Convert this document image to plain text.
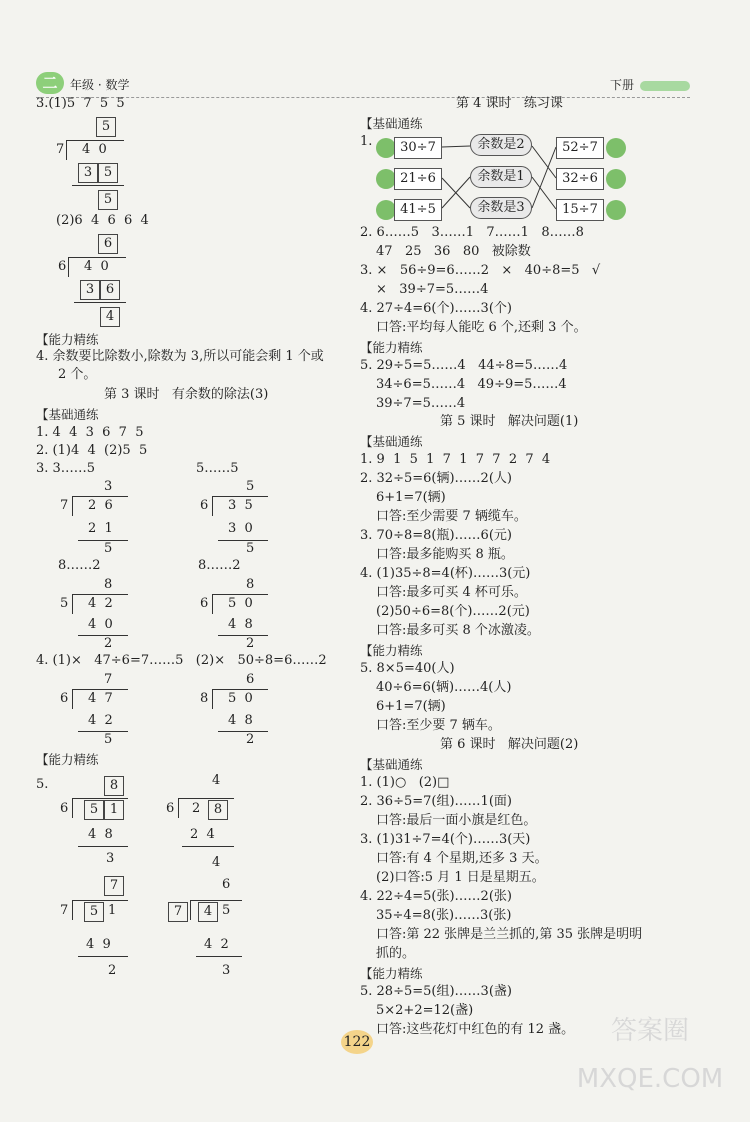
二	年级 · 数学	下册
3.(1)5  7  5  5
5
7 4  0
3 5
5
(2)6  4  6  6  4
6
6 4  0
3 6
4
【能力精练
4. 余数要比除数小,除数为 3,所以可能会剩 1 个或
2 个。
第 3 课时   有余数的除法(3)
【基础通练
1. 4  4  3  6  7  5
2. (1)4  4  (2)5  5
3. 3……5	5……5
3
7 2  6
2  1
5
5
6 3  5
3  0
5
8……2	8……2
8
5 4  2
4  0
2
8
6 5  0
4  8
2
4. (1)×   47÷6=7……5   (2)×   50÷8=6……2
7
6 4  7
4  2
5
6
8 5  0
4  8
2
【能力精练
5.	8
6	5 1
4  8
3
4
6 2	8
2  4
4
7
7	5 1
4  9
2
6
7	4 5
4  2
3
第 4 课时   练习课
【基础通练
1.	30÷7
21÷6
41÷5
余数是2
余数是1
余数是3
52÷7
32÷6
15÷7
2. 6……5   3……1   7……1   8……8
47   25   36   80   被除数
3. ×   56÷9=6……2   ×   40÷8=5   √
×   39÷7=5……4
4. 27÷4=6(个)……3(个)
口答:平均每人能吃 6 个,还剩 3 个。
【能力精练
5. 29÷5=5……4   44÷8=5……4
34÷6=5……4   49÷9=5……4
39÷7=5……4
第 5 课时   解决问题(1)
【基础通练
1. 9  1  5  1  7  1  7  7  2  7  4
2. 32÷5=6(辆)……2(人)
6+1=7(辆)
口答:至少需要 7 辆缆车。
3. 70÷8=8(瓶)……6(元)
口答:最多能购买 8 瓶。
4. (1)35÷8=4(杯)……3(元)
口答:最多可买 4 杯可乐。
(2)50÷6=8(个)……2(元)
口答:最多可买 8 个冰激凌。
【能力精练
5. 8×5=40(人)
40÷6=6(辆)……4(人)
6+1=7(辆)
口答:至少要 7 辆车。
第 6 课时   解决问题(2)
【基础通练
1. (1)○   (2)□
2. 36÷5=7(组)……1(面)
口答:最后一面小旗是红色。
3. (1)31÷7=4(个)……3(天)
口答:有 4 个星期,还多 3 天。
(2)口答:5 月 1 日是星期五。
4. 22÷4=5(张)……2(张)
35÷4=8(张)……3(张)
口答:第 22 张牌是兰兰抓的,第 35 张牌是明明
抓的。
【能力精练
5. 28÷5=5(组)……3(盏)
5×2+2=12(盏)
口答:这些花灯中红色的有 12 盏。
122	答案圈
MXQE.COM
